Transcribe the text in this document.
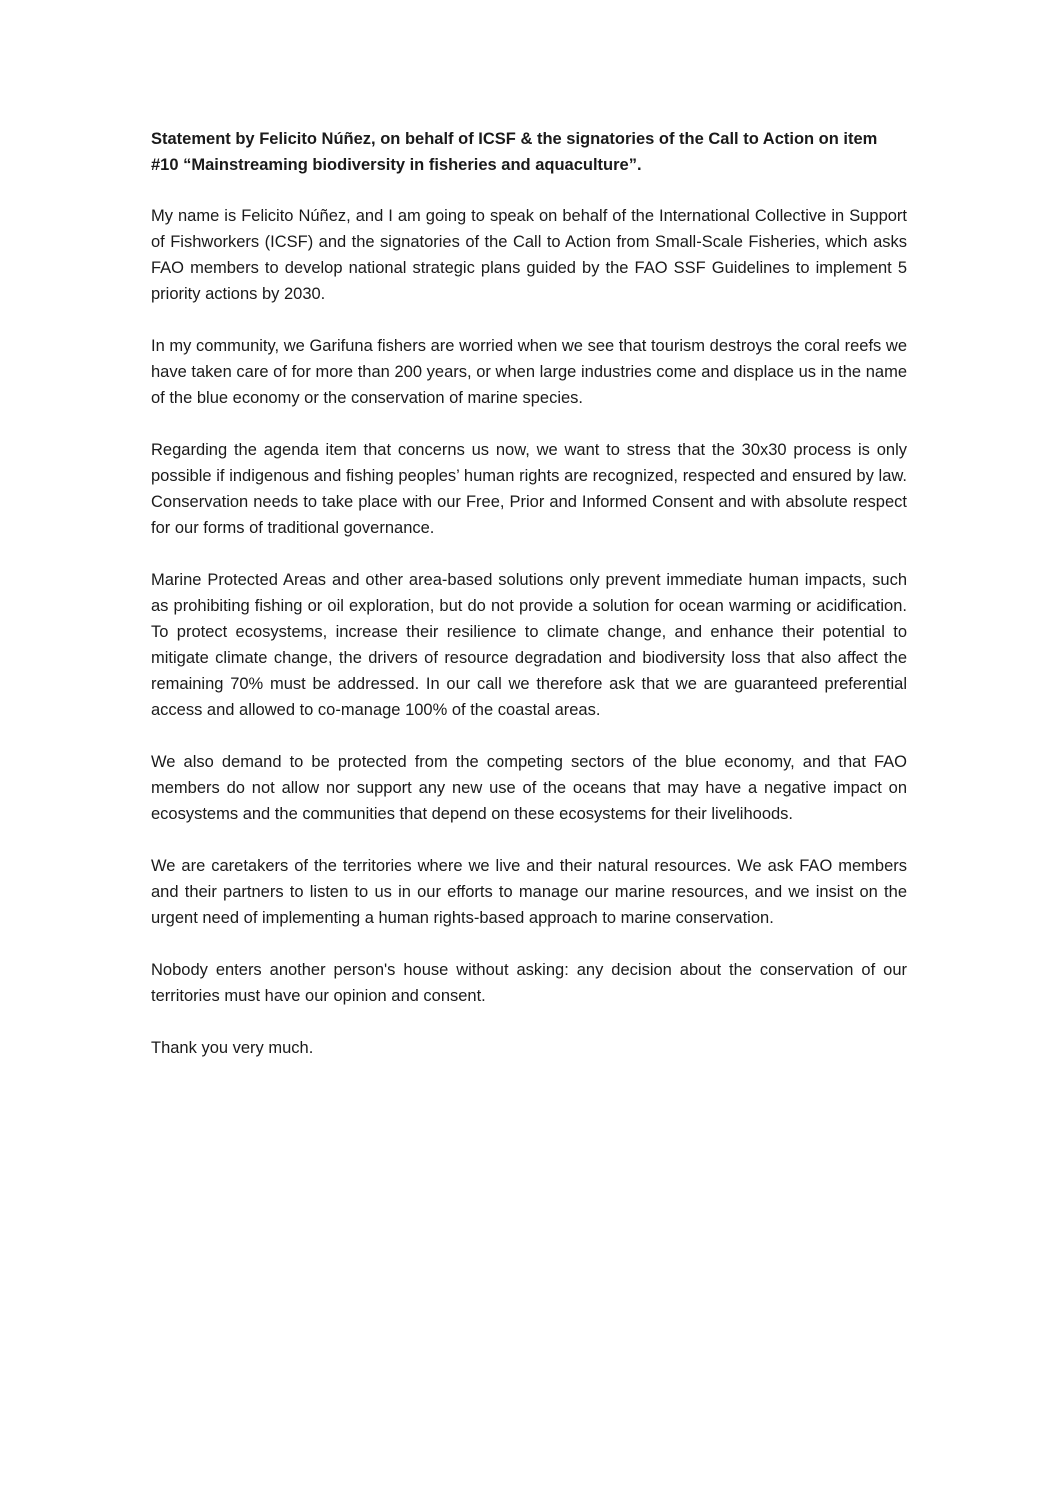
Statement by Felicito Núñez, on behalf of ICSF & the signatories of the Call to Action on item #10 “Mainstreaming biodiversity in fisheries and aquaculture”.

My name is Felicito Núñez, and I am going to speak on behalf of the International Collective in Support of Fishworkers (ICSF) and the signatories of the Call to Action from Small-Scale Fisheries, which asks FAO members to develop national strategic plans guided by the FAO SSF Guidelines to implement 5 priority actions by 2030.

In my community, we Garifuna fishers are worried when we see that tourism destroys the coral reefs we have taken care of for more than 200 years, or when large industries come and displace us in the name of the blue economy or the conservation of marine species.

Regarding the agenda item that concerns us now, we want to stress that the 30x30 process is only possible if indigenous and fishing peoples’ human rights are recognized, respected and ensured by law. Conservation needs to take place with our Free, Prior and Informed Consent and with absolute respect for our forms of traditional governance.

Marine Protected Areas and other area-based solutions only prevent immediate human impacts, such as prohibiting fishing or oil exploration, but do not provide a solution for ocean warming or acidification. To protect ecosystems, increase their resilience to climate change, and enhance their potential to mitigate climate change, the drivers of resource degradation and biodiversity loss that also affect the remaining 70% must be addressed. In our call we therefore ask that we are guaranteed preferential access and allowed to co-manage 100% of the coastal areas.

We also demand to be protected from the competing sectors of the blue economy, and that FAO members do not allow nor support any new use of the oceans that may have a negative impact on ecosystems and the communities that depend on these ecosystems for their livelihoods.

We are caretakers of the territories where we live and their natural resources. We ask FAO members and their partners to listen to us in our efforts to manage our marine resources, and we insist on the urgent need of implementing a human rights-based approach to marine conservation.

Nobody enters another person's house without asking: any decision about the conservation of our territories must have our opinion and consent.

Thank you very much.
